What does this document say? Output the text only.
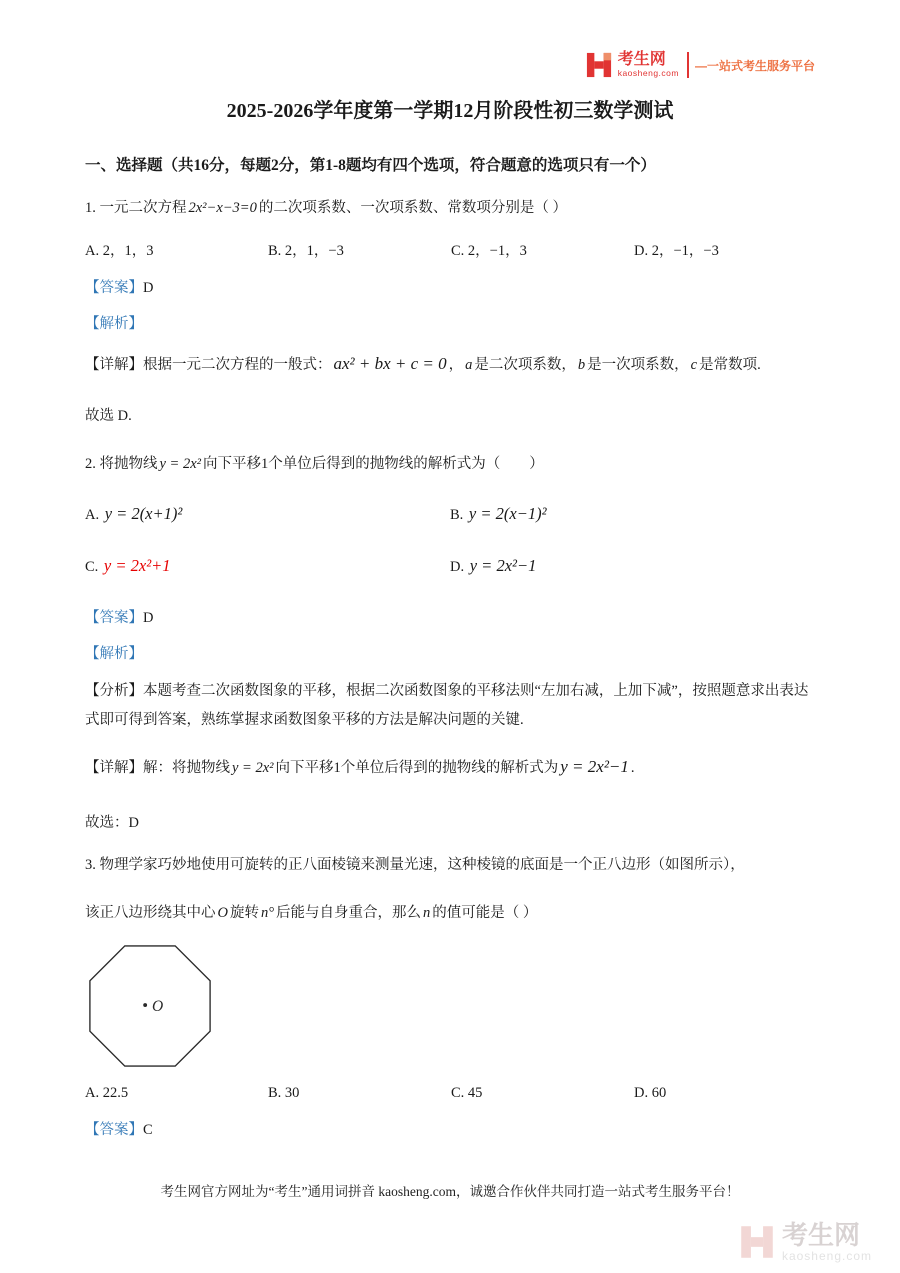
考生网
kaosheng.com
—一站式考生服务平台
2025-2026学年度第一学期12月阶段性初三数学测试
一、选择题（共16分，每题2分，第1-8题均有四个选项，符合题意的选项只有一个）

1. 一元二次方程 2x²−x−3=0 的二次项系数、一次项系数、常数项分别是（ ）

A. 2，1，3	B. 2，1，−3	C. 2，−1，3	D. 2，−1，−3

【答案】D

【解析】

【详解】根据一元二次方程的一般式： ax² + bx + c = 0 ， a 是二次项系数， b 是一次项系数， c 是常数项.

故选 D.

2. 将抛物线 y = 2x² 向下平移1个单位后得到的抛物线的解析式为（　　）

A. y = 2(x+1)²	B. y = 2(x−1)²
C. y = 2x²+1	D. y = 2x²−1

【答案】D

【解析】

【分析】本题考查二次函数图象的平移，根据二次函数图象的平移法则“左加右减，上加下减”，按照题意求出表达式即可得到答案，熟练掌握求函数图象平移的方法是解决问题的关键.

【详解】解：将抛物线 y = 2x² 向下平移1个单位后得到的抛物线的解析式为 y = 2x²−1 .

故选：D

3. 物理学家巧妙地使用可旋转的正八面棱镜来测量光速，这种棱镜的底面是一个正八边形（如图所示），

该正八边形绕其中心 O 旋转 n° 后能与自身重合，那么 n 的值可能是（ ）

O
A. 22.5	B. 30	C. 45	D. 60

【答案】C

考生网官方网址为“考生”通用词拼音 kaosheng.com，诚邀合作伙伴共同打造一站式考生服务平台！
考生网
kaosheng.com
